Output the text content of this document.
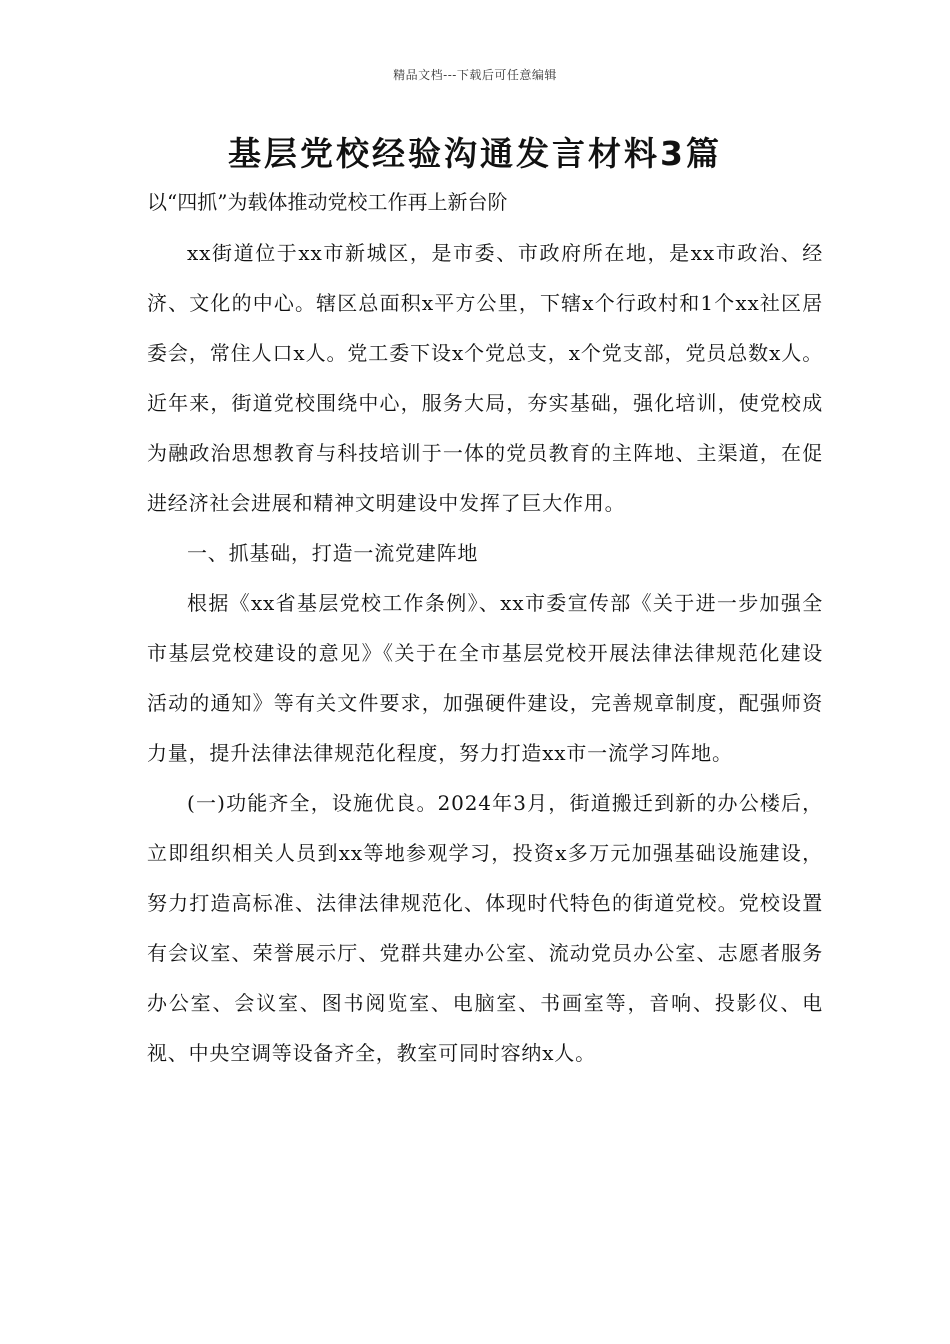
精品文档---下载后可任意编辑
基层党校经验沟通发言材料3篇
以“四抓”为载体推动党校工作再上新台阶

xx街道位于xx市新城区，是市委、市政府所在地，是xx市政治、经济、文化的中心。辖区总面积x平方公里，下辖x个行政村和1个xx社区居委会，常住人口x人。党工委下设x个党总支，x个党支部，党员总数x人。近年来，街道党校围绕中心，服务大局，夯实基础，强化培训，使党校成为融政治思想教育与科技培训于一体的党员教育的主阵地、主渠道，在促进经济社会进展和精神文明建设中发挥了巨大作用。

一、抓基础，打造一流党建阵地

根据《xx省基层党校工作条例》、xx市委宣传部《关于进一步加强全市基层党校建设的意见》《关于在全市基层党校开展法律法律规范化建设活动的通知》等有关文件要求，加强硬件建设，完善规章制度，配强师资力量，提升法律法律规范化程度，努力打造xx市一流学习阵地。

(一)功能齐全，设施优良。2024年3月，街道搬迁到新的办公楼后，立即组织相关人员到xx等地参观学习，投资x多万元加强基础设施建设，努力打造高标准、法律法律规范化、体现时代特色的街道党校。党校设置有会议室、荣誉展示厅、党群共建办公室、流动党员办公室、志愿者服务办公室、会议室、图书阅览室、电脑室、书画室等，音响、投影仪、电视、中央空调等设备齐全，教室可同时容纳x人。
